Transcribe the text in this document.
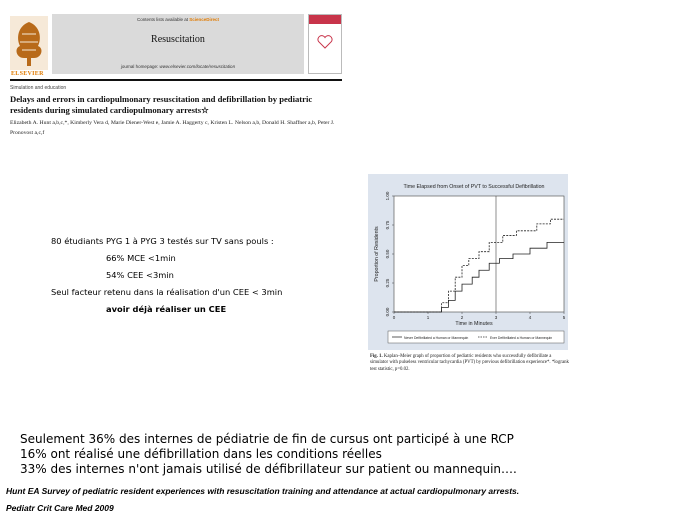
ELSEVIER
Contents lists available at ScienceDirect
Resuscitation
journal homepage: www.elsevier.com/locate/resuscitation
Simulation and education
Delays and errors in cardiopulmonary resuscitation and defibrillation by pediatric residents during simulated cardiopulmonary arrests☆
Elizabeth A. Hunt a,b,c,*, Kimberly Vera d, Marie Diener-West e, Jamie A. Haggerty c, Kristen L. Nelson a,b, Donald H. Shaffner a,b, Peter J. Pronovost a,c,f
Time Elapsed from Onset of PVT to Successful Defibrillation
0.00
0.25
0.50
0.75
1.00
0	1	2	3	4	5
Proportion of Residents
Time in Minutes
Never Defibrillated a Human or Mannequin	Ever Defibrillated a Human or Mannequin
Fig. 1. Kaplan–Meier graph of proportion of pediatric residents who successfully defibrillate a simulator with pulseless ventricular tachycardia (PVT) by previous defibrillation experience*. *logrank test statistic, p=0.02.
80 étudiants PYG 1 à PYG 3 testés sur TV sans pouls :
66% MCE <1min
54% CEE <3min
Seul facteur retenu dans la réalisation d'un CEE < 3min
avoir déjà réaliser un CEE
Seulement 36% des internes de pédiatrie de fin de cursus ont participé à une RCP
16% ont réalisé une défibrillation dans les conditions réelles
33% des internes n'ont jamais utilisé de défibrillateur sur patient ou mannequin….
Hunt EA Survey of pediatric resident experiences with resuscitation training and attendance at actual cardiopulmonary arrests.
Pediatr Crit Care Med 2009
